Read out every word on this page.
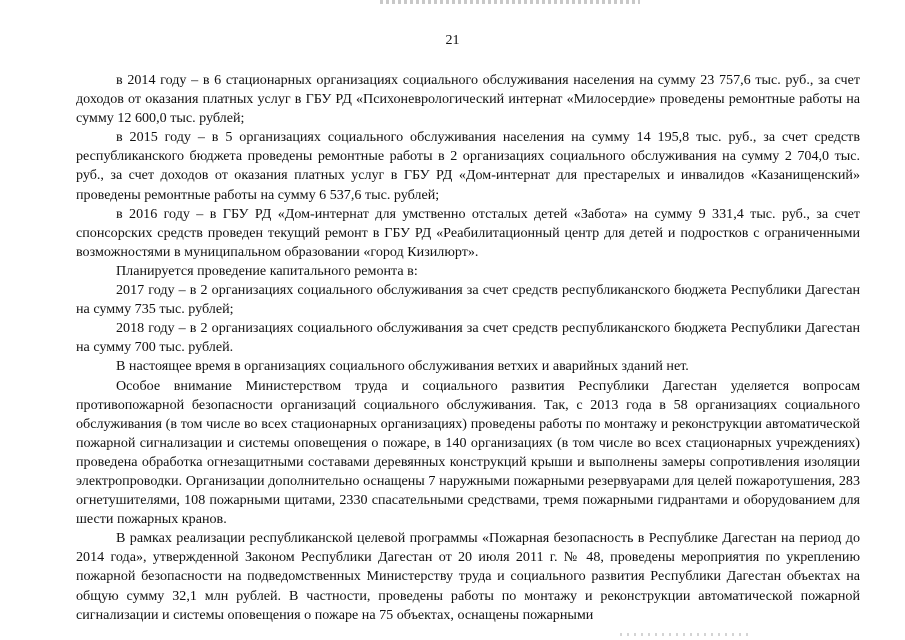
21

в 2014 году – в 6 стационарных организациях социального обслуживания населения на сумму 23 757,6 тыс. руб., за счет доходов от оказания платных услуг в ГБУ РД «Психоневрологический интернат «Милосердие» проведены ремонтные работы на сумму 12 600,0 тыс. рублей;

в 2015 году – в 5 организациях социального обслуживания населения на сумму 14 195,8 тыс. руб., за счет средств республиканского бюджета проведены ремонтные работы в 2 организациях социального обслуживания на сумму 2 704,0 тыс. руб., за счет доходов от оказания платных услуг в ГБУ РД «Дом-интернат для престарелых и инвалидов «Казанищенский» проведены ремонтные работы на сумму 6 537,6 тыс. рублей;

в 2016 году – в ГБУ РД «Дом-интернат для умственно отсталых детей «Забота» на сумму 9 331,4 тыс. руб., за счет спонсорских средств проведен текущий ремонт в ГБУ РД «Реабилитационный центр для детей и подростков с ограниченными возможностями в муниципальном образовании «город Кизилюрт».

Планируется проведение капитального ремонта в:

2017 году – в 2 организациях социального обслуживания за счет средств республиканского бюджета Республики Дагестан на сумму 735 тыс. рублей;

2018 году – в 2 организациях социального обслуживания за счет средств республиканского бюджета Республики Дагестан на сумму 700 тыс. рублей.

В настоящее время в организациях социального обслуживания ветхих и аварийных зданий нет.

Особое внимание Министерством труда и социального развития Республики Дагестан уделяется вопросам противопожарной безопасности организаций социального обслуживания. Так, с 2013 года в 58 организациях социального обслуживания (в том числе во всех стационарных организациях) проведены работы по монтажу и реконструкции автоматической пожарной сигнализации и системы оповещения о пожаре, в 140 организациях (в том числе во всех стационарных учреждениях) проведена обработка огнезащитными составами деревянных конструкций крыши и выполнены замеры сопротивления изоляции электропроводки. Организации дополнительно оснащены 7 наружными пожарными резервуарами для целей пожаротушения, 283 огнетушителями, 108 пожарными щитами, 2330 спасательными средствами, тремя пожарными гидрантами и оборудованием для шести пожарных кранов.

В рамках реализации республиканской целевой программы «Пожарная безопасность в Республике Дагестан на период до 2014 года», утвержденной Законом Республики Дагестан от 20 июля 2011 г. № 48, проведены мероприятия по укреплению пожарной безопасности на подведомственных Министерству труда и социального развития Республики Дагестан объектах на общую сумму 32,1 млн рублей. В частности, проведены работы по монтажу и реконструкции автоматической пожарной сигнализации и системы оповещения о пожаре на 75 объектах, оснащены пожарными
